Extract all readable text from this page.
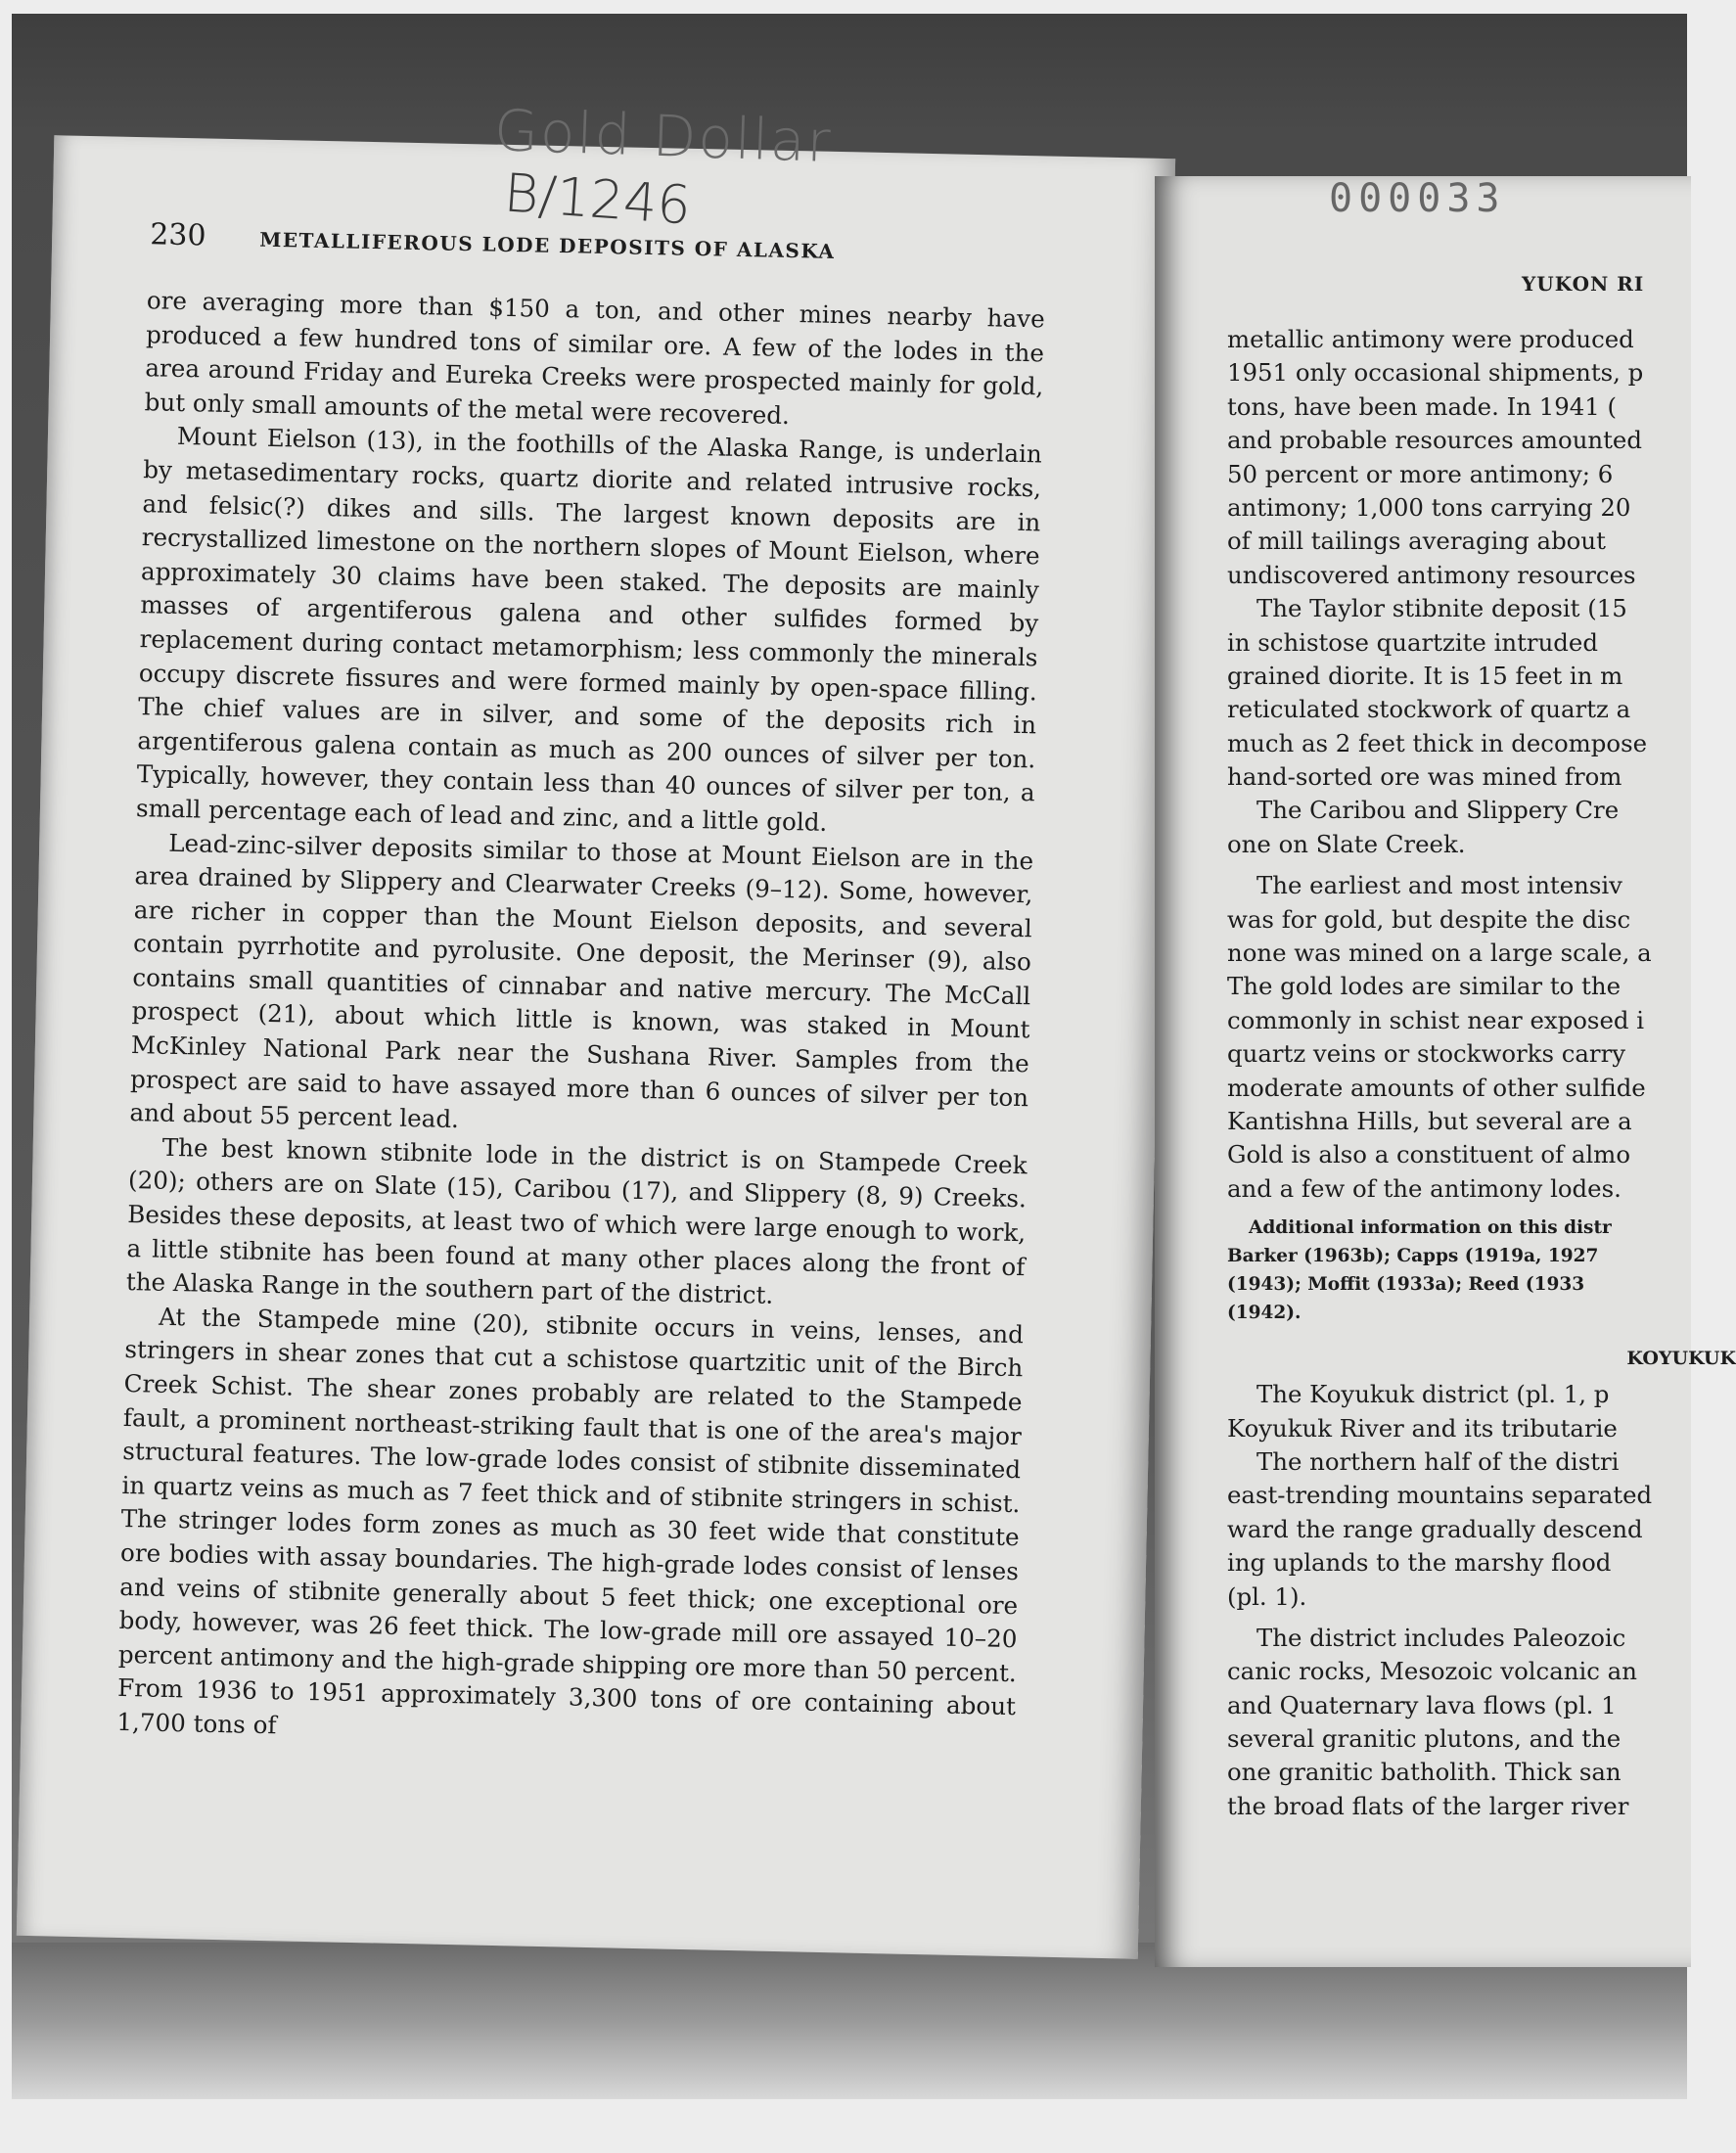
230	METALLIFEROUS LODE DEPOSITS OF ALASKA

ore averaging more than $150 a ton, and other mines nearby have produced a few hundred tons of similar ore. A few of the lodes in the area around Friday and Eureka Creeks were prospected mainly for gold, but only small amounts of the metal were recovered.

Mount Eielson (13), in the foothills of the Alaska Range, is underlain by metasedimentary rocks, quartz diorite and related intrusive rocks, and felsic(?) dikes and sills. The largest known deposits are in recrystallized limestone on the northern slopes of Mount Eielson, where approximately 30 claims have been staked. The deposits are mainly masses of argentiferous galena and other sulfides formed by replacement during contact metamorphism; less commonly the minerals occupy discrete fissures and were formed mainly by open-space filling. The chief values are in silver, and some of the deposits rich in argentiferous galena contain as much as 200 ounces of silver per ton. Typically, however, they contain less than 40 ounces of silver per ton, a small percentage each of lead and zinc, and a little gold.

Lead-zinc-silver deposits similar to those at Mount Eielson are in the area drained by Slippery and Clearwater Creeks (9–12). Some, however, are richer in copper than the Mount Eielson deposits, and several contain pyrrhotite and pyrolusite. One deposit, the Merinser (9), also contains small quantities of cinnabar and native mercury. The McCall prospect (21), about which little is known, was staked in Mount McKinley National Park near the Sushana River. Samples from the prospect are said to have assayed more than 6 ounces of silver per ton and about 55 percent lead.

The best known stibnite lode in the district is on Stampede Creek (20); others are on Slate (15), Caribou (17), and Slippery (8, 9) Creeks. Besides these deposits, at least two of which were large enough to work, a little stibnite has been found at many other places along the front of the Alaska Range in the southern part of the district.

At the Stampede mine (20), stibnite occurs in veins, lenses, and stringers in shear zones that cut a schistose quartzitic unit of the Birch Creek Schist. The shear zones probably are related to the Stampede fault, a prominent northeast-striking fault that is one of the area's major structural features. The low-grade lodes consist of stibnite disseminated in quartz veins as much as 7 feet thick and of stibnite stringers in schist. The stringer lodes form zones as much as 30 feet wide that constitute ore bodies with assay boundaries. The high-grade lodes consist of lenses and veins of stibnite generally about 5 feet thick; one exceptional ore body, however, was 26 feet thick. The low-grade mill ore assayed 10–20 percent antimony and the high-grade shipping ore more than 50 percent. From 1936 to 1951 approximately 3,300 tons of ore containing about 1,700 tons of

Gold Dollar
B/1246	000033
YUKON RI
metallic antimony were produced
1951 only occasional shipments, p
tons, have been made. In 1941 (
and probable resources amounted
50 percent or more antimony; 6
antimony; 1,000 tons carrying 20
of mill tailings averaging about
undiscovered antimony resources
The Taylor stibnite deposit (15
in schistose quartzite intruded
grained diorite. It is 15 feet in m
reticulated stockwork of quartz a
much as 2 feet thick in decompose
hand-sorted ore was mined from
The Caribou and Slippery Cre
one on Slate Creek.
The earliest and most intensiv
was for gold, but despite the disc
none was mined on a large scale, a
The gold lodes are similar to the
commonly in schist near exposed i
quartz veins or stockworks carry
moderate amounts of other sulfide
Kantishna Hills, but several are a
Gold is also a constituent of almo
and a few of the antimony lodes.
Additional information on this distr
Barker (1963b); Capps (1919a, 1927
(1943); Moffit (1933a); Reed (1933
(1942).
KOYUKUK
The Koyukuk district (pl. 1, p
Koyukuk River and its tributarie
The northern half of the distri
east-trending mountains separated
ward the range gradually descend
ing uplands to the marshy flood
(pl. 1).
The district includes Paleozoic
canic rocks, Mesozoic volcanic an
and Quaternary lava flows (pl. 1
several granitic plutons, and the
one granitic batholith. Thick san
the broad flats of the larger river
